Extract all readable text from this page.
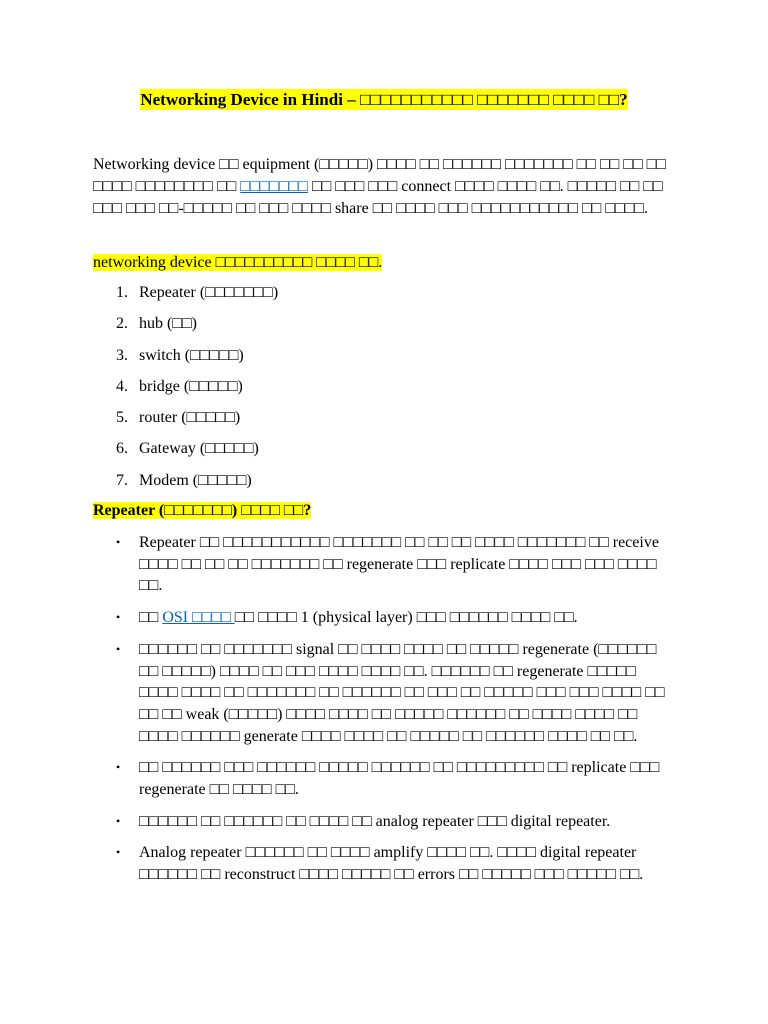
Networking Device in Hindi – □□□□□□□□□□□ □□□□□□□ □□□□ □□?

Networking device □□ equipment (□□□□□) □□□□ □□ □□□□□□ □□□□□□□ □□ □□ □□ □□ □□□□ □□□□□□□□ □□ □□□□□□□ □□ □□□ □□□ connect □□□□ □□□□ □□. □□□□□ □□ □□ □□□ □□□ □□-□□□□□ □□ □□□ □□□□ share □□ □□□□ □□□ □□□□□□□□□□□ □□ □□□□.

networking device □□□□□□□□□□ □□□□ □□.
1. Repeater (□□□□□□□)
2. hub (□□)
3. switch (□□□□□)
4. bridge (□□□□□)
5. router (□□□□□)
6. Gateway (□□□□□)
7. Modem (□□□□□)
Repeater (□□□□□□□) □□□□ □□?
• Repeater □□ □□□□□□□□□□□ □□□□□□□ □□ □□ □□ □□□□ □□□□□□□ □□ receive □□□□ □□ □□ □□ □□□□□□□ □□ regenerate □□□ replicate □□□□ □□□ □□□ □□□□ □□.
• □□ OSI □□□□ □□ □□□□ 1 (physical layer) □□□ □□□□□□ □□□□ □□.
• □□□□□□ □□ □□□□□□□ signal □□ □□□□ □□□□ □□ □□□□□ regenerate (□□□□□□ □□ □□□□□) □□□□ □□ □□□ □□□□ □□□□ □□. □□□□□□ □□ regenerate □□□□□ □□□□ □□□□ □□ □□□□□□□ □□ □□□□□□ □□ □□□ □□ □□□□□ □□□ □□□ □□□□ □□ □□ □□ weak (□□□□□) □□□□ □□□□ □□ □□□□□ □□□□□□ □□ □□□□ □□□□ □□ □□□□ □□□□□□ generate □□□□ □□□□ □□ □□□□□ □□ □□□□□□ □□□□ □□ □□.
• □□ □□□□□□ □□□ □□□□□□ □□□□□ □□□□□□ □□ □□□□□□□□□ □□ replicate □□□ regenerate □□ □□□□ □□.
• □□□□□□ □□ □□□□□□ □□ □□□□ □□ analog repeater □□□ digital repeater.
• Analog repeater □□□□□□ □□ □□□□ amplify □□□□ □□. □□□□ digital repeater □□□□□□ □□ reconstruct □□□□ □□□□□ □□ errors □□ □□□□□ □□□ □□□□□ □□.
